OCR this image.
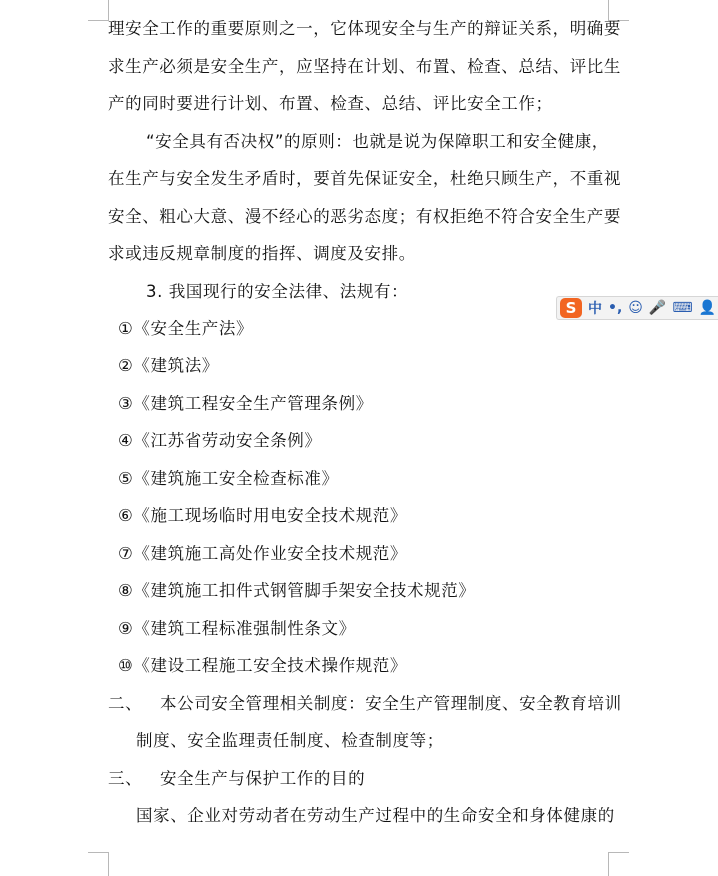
理安全工作的重要原则之一，它体现安全与生产的辩证关系，明确要
求生产必须是安全生产，应坚持在计划、布置、检查、总结、评比生
产的同时要进行计划、布置、检查、总结、评比安全工作；
“安全具有否决权”的原则：也就是说为保障职工和安全健康，
在生产与安全发生矛盾时，要首先保证安全，杜绝只顾生产，不重视
安全、粗心大意、漫不经心的恶劣态度；有权拒绝不符合安全生产要
求或违反规章制度的指挥、调度及安排。
3. 我国现行的安全法律、法规有：
①《安全生产法》
②《建筑法》
③《建筑工程安全生产管理条例》
④《江苏省劳动安全条例》
⑤《建筑施工安全检查标准》
⑥《施工现场临时用电安全技术规范》
⑦《建筑施工高处作业安全技术规范》
⑧《建筑施工扣件式钢管脚手架安全技术规范》
⑨《建筑工程标准强制性条文》
⑩《建设工程施工安全技术操作规范》
二、 本公司安全管理相关制度：安全生产管理制度、安全教育培训
制度、安全监理责任制度、检查制度等；
三、 安全生产与保护工作的目的
国家、企业对劳动者在劳动生产过程中的生命安全和身体健康的
S 中 •, ☺ 🎤 ⌨ 👤
